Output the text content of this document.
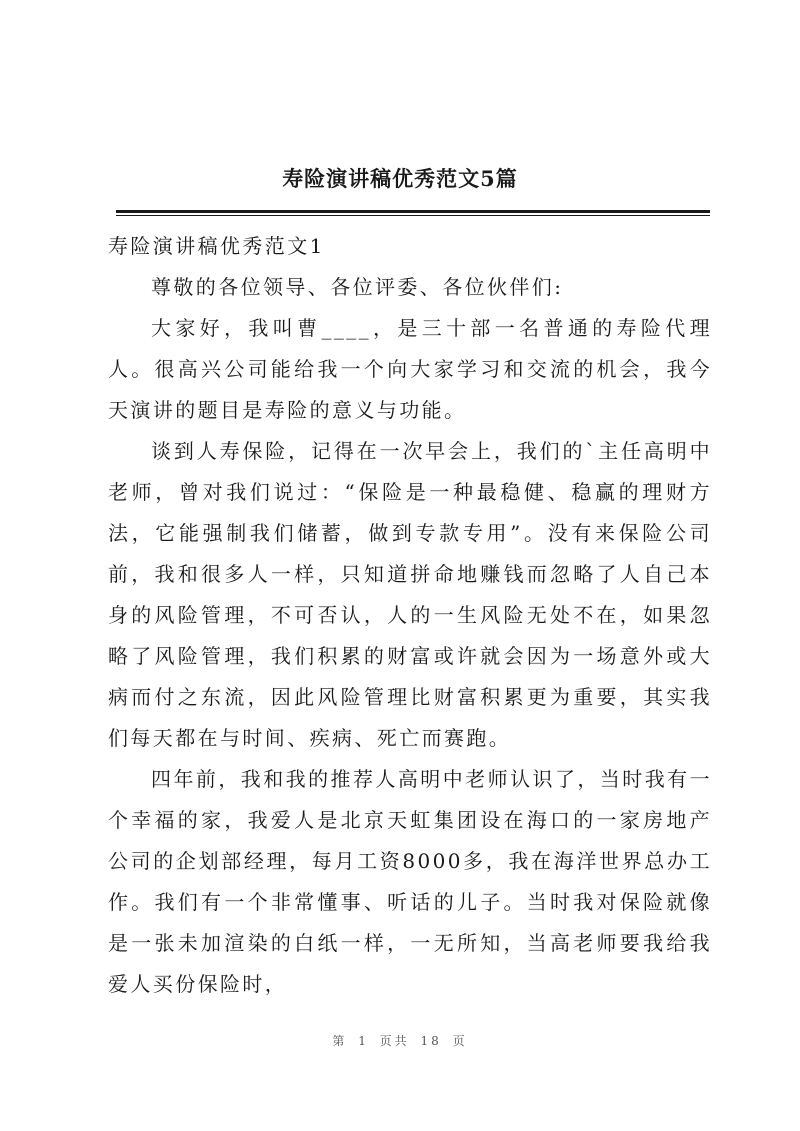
寿险演讲稿优秀范文5篇

寿险演讲稿优秀范文1

尊敬的各位领导、各位评委、各位伙伴们:

大家好，我叫曹____，是三十部一名普通的寿险代理人。很高兴公司能给我一个向大家学习和交流的机会，我今天演讲的题目是寿险的意义与功能。

谈到人寿保险，记得在一次早会上，我们的`主任高明中老师，曾对我们说过：“保险是一种最稳健、稳赢的理财方法，它能强制我们储蓄，做到专款专用”。没有来保险公司前，我和很多人一样，只知道拼命地赚钱而忽略了人自己本身的风险管理，不可否认，人的一生风险无处不在，如果忽略了风险管理，我们积累的财富或许就会因为一场意外或大病而付之东流，因此风险管理比财富积累更为重要，其实我们每天都在与时间、疾病、死亡而赛跑。

四年前，我和我的推荐人高明中老师认识了，当时我有一个幸福的家，我爱人是北京天虹集团设在海口的一家房地产公司的企划部经理，每月工资8000多，我在海洋世界总办工作。我们有一个非常懂事、听话的儿子。当时我对保险就像是一张未加渲染的白纸一样，一无所知，当高老师要我给我爱人买份保险时，

第 1 页共 18 页
